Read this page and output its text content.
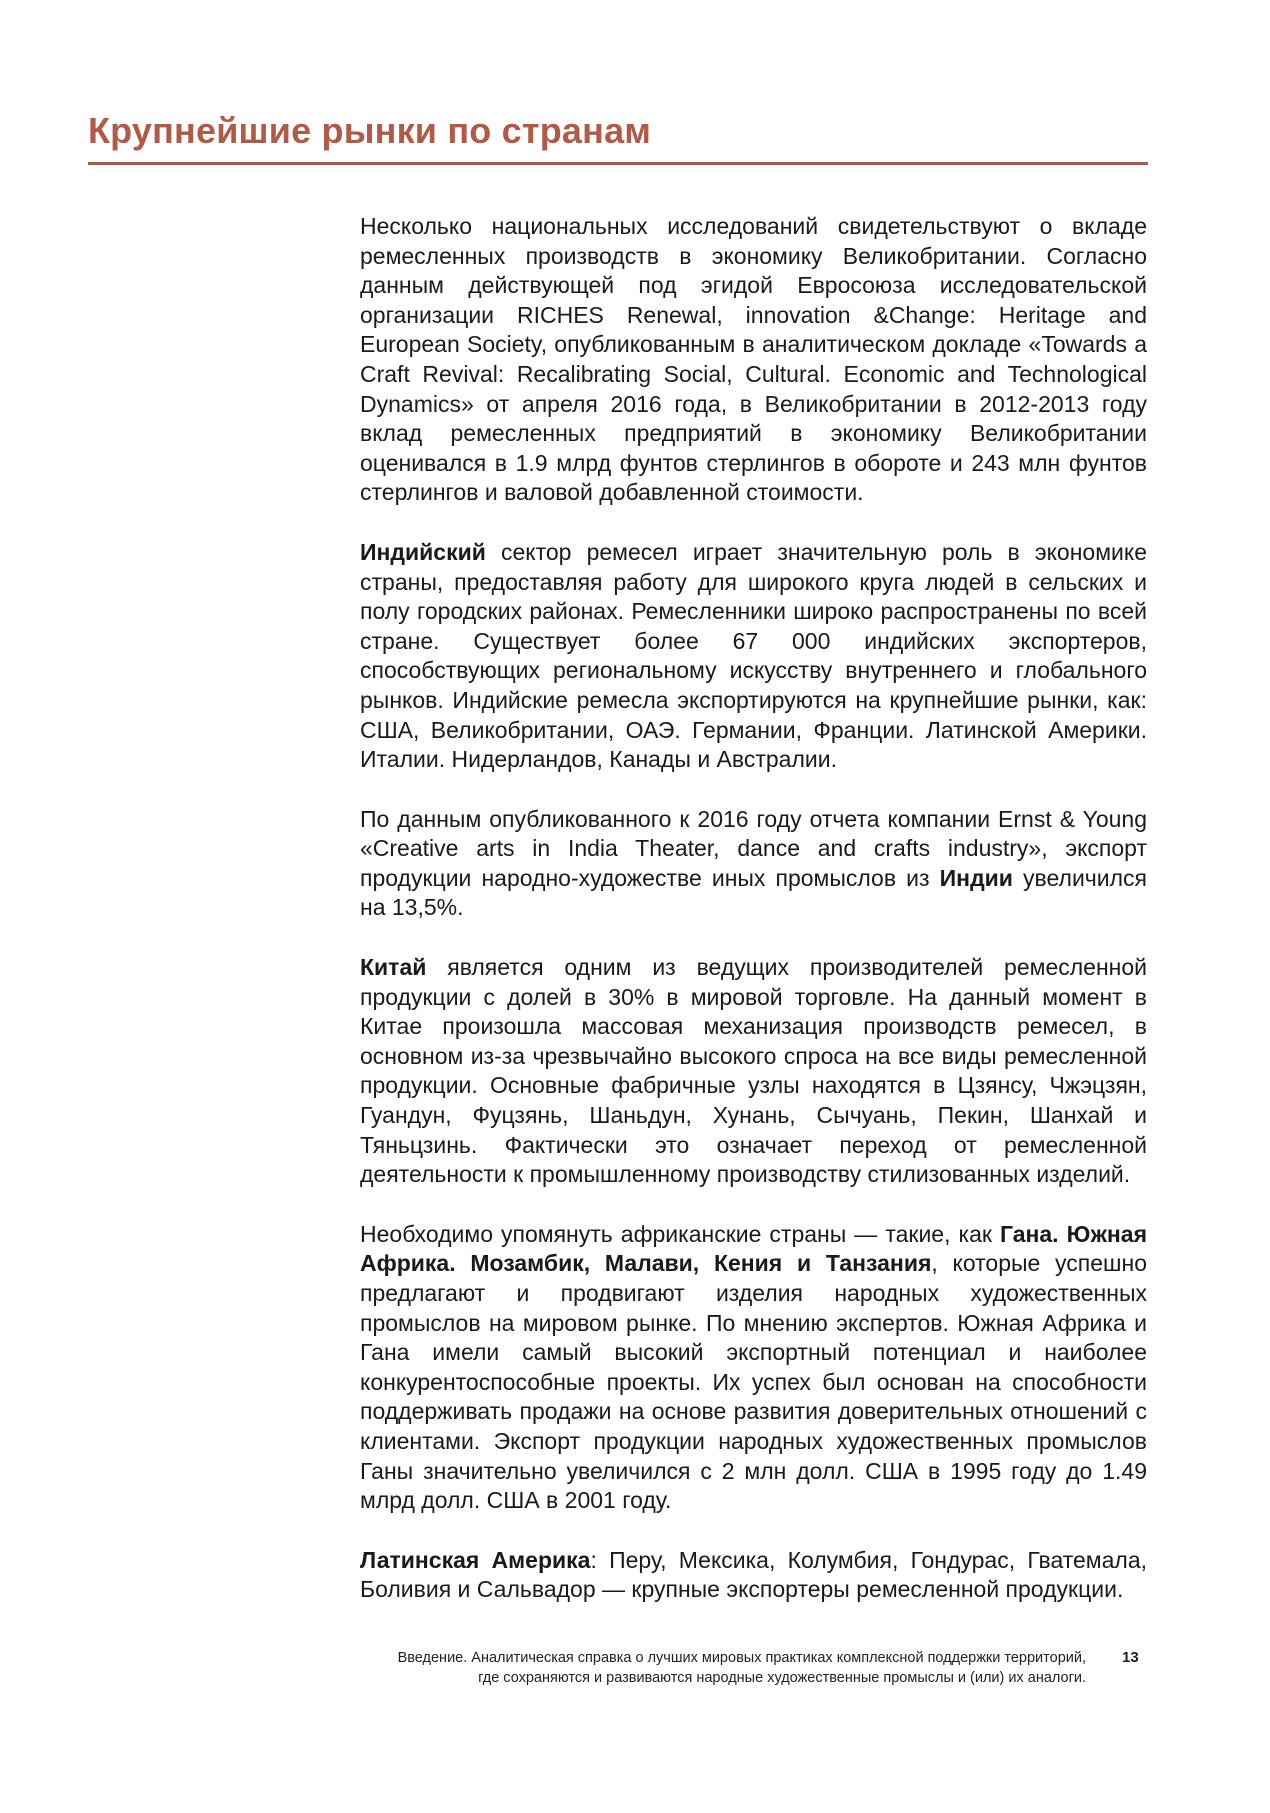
Крупнейшие рынки по странам

Несколько национальных исследований свидетельствуют о вкладе ремесленных производств в экономику Великобритании. Согласно данным действующей под эгидой Евросоюза исследовательской организации RICHES Renewal, innovation &Change: Heritage and European Society, опубликованным в аналитическом докладе «Towards a Craft Revival: Recalibrating Social, Cultural. Economic and Technological Dynamics» от апреля 2016 года, в Великобритании в 2012-2013 году вклад ремесленных предприятий в экономику Великобритании оценивался в 1.9 млрд фунтов стерлингов в обороте и 243 млн фунтов стерлингов и валовой добавленной стоимости.

Индийский сектор ремесел играет значительную роль в экономике страны, предоставляя работу для широкого круга людей в сельских и полу городских районах. Ремесленники широко распространены по всей стране. Существует более 67 000 индийских экспортеров, способствующих региональному искусству внутреннего и глобального рынков. Индийские ремесла экспортируются на крупнейшие рынки, как: США, Великобритании, ОАЭ. Германии, Франции. Латинской Америки. Италии. Нидерландов, Канады и Австралии.

По данным опубликованного к 2016 году отчета компании Ernst & Young «Creative arts in India Theater, dance and crafts industry», экспорт продукции народно-художестве иных промыслов из Индии увеличился на 13,5%.

Китай является одним из ведущих производителей ремесленной продукции с долей в 30% в мировой торговле. На данный момент в Китае произошла массовая механизация производств ремесел, в основном из-за чрезвычайно высокого спроса на все виды ремесленной продукции. Основные фабричные узлы находятся в Цзянсу, Чжэцзян, Гуандун, Фуцзянь, Шаньдун, Хунань, Сычуань, Пекин, Шанхай и Тяньцзинь. Фактически это означает переход от ремесленной деятельности к промышленному производству стилизованных изделий.

Необходимо упомянуть африканские страны — такие, как Гана. Южная Африка. Мозамбик, Малави, Кения и Танзания, которые успешно предлагают и продвигают изделия народных художественных промыслов на мировом рынке. По мнению экспертов. Южная Африка и Гана имели самый высокий экспортный потенциал и наиболее конкурентоспособные проекты. Их успех был основан на способности поддерживать продажи на основе развития доверительных отношений с клиентами. Экспорт продукции народных художественных промыслов Ганы значительно увеличился с 2 млн долл. США в 1995 году до 1.49 млрд долл. США в 2001 году.

Латинская Америка: Перу, Мексика, Колумбия, Гондурас, Гватемала, Боливия и Сальвадор — крупные экспортеры ремесленной продукции.

Введение. Аналитическая справка о лучших мировых практиках комплексной поддержки территорий,
где сохраняются и развиваются народные художественные промыслы и (или) их аналоги.
13
